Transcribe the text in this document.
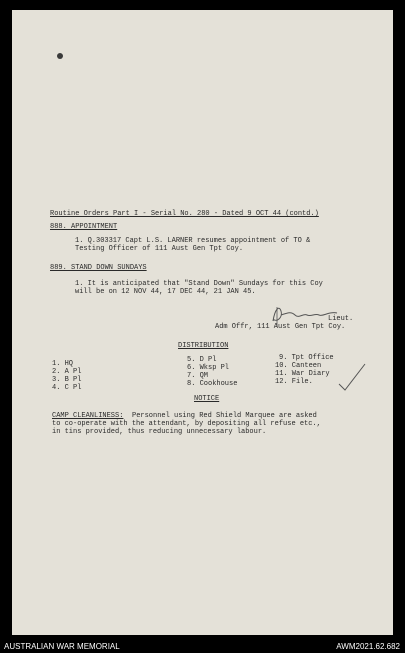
Routine Orders Part I - Serial No. 280 - Dated 9 OCT 44 (contd.)
888. APPOINTMENT
1. Q.303317 Capt L.S. LARNER resumes appointment of TO &
Testing Officer of 111 Aust Gen Tpt Coy.
889. STAND DOWN SUNDAYS
1. It is anticipated that "Stand Down" Sundays for this Coy
will be on 12 NOV 44, 17 DEC 44, 21 JAN 45.
Lieut.
Adm Offr, 111 Aust Gen Tpt Coy.
DISTRIBUTION
1. HQ
2. A Pl
3. B Pl
4. C Pl
5. D Pl
6. Wksp Pl
7. QM
8. Cookhouse
9. Tpt Office
10. Canteen
11. War Diary
12. File.
NOTICE
CAMP CLEANLINESS: Personnel using Red Shield Marquee are asked
to co-operate with the attendant, by depositing all refuse etc.,
in tins provided, thus reducing unnecessary labour.
AUSTRALIAN WAR MEMORIAL	AWM2021.62.682
